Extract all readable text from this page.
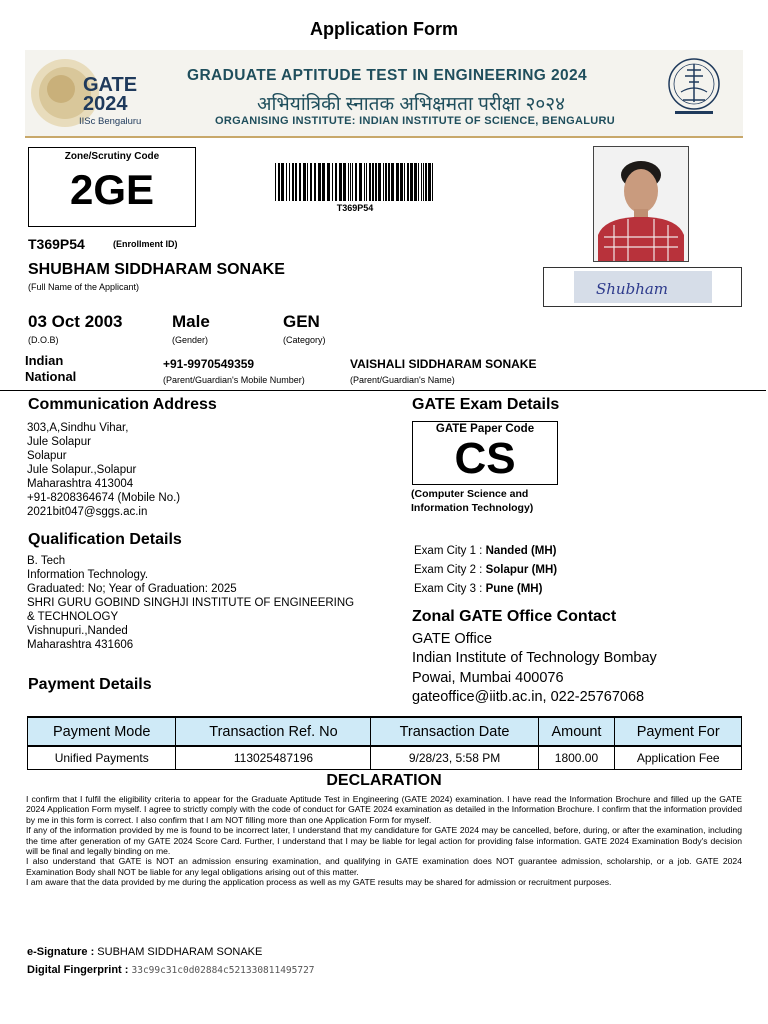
Application Form
GATE
2024
IISc Bengaluru
GRADUATE APTITUDE TEST IN ENGINEERING 2024
अभियांत्रिकी स्नातक अभिक्षमता परीक्षा २०२४
ORGANISING INSTITUTE: INDIAN INSTITUTE OF SCIENCE, BENGALURU
Zone/Scrutiny Code
2GE	T369P54
T369P54	(Enrollment ID)
SHUBHAM SIDDHARAM SONAKE
(Full Name of the Applicant)	Shubham
03 Oct 2003
(D.O.B)
Male
(Gender)
GEN
(Category)
Indian
National
+91-9970549359
(Parent/Guardian's Mobile Number)
VAISHALI SIDDHARAM SONAKE
(Parent/Guardian's Name)
Communication Address
303,A,Sindhu Vihar,
Jule Solapur
Solapur
Jule Solapur.,Solapur
Maharashtra 413004
+91-8208364674 (Mobile No.)
2021bit047@sggs.ac.in
GATE Exam Details
GATE Paper Code
CS
(Computer Science and
Information Technology)
Qualification Details
B. Tech
Information Technology.
Graduated: No; Year of Graduation: 2025
SHRI GURU GOBIND SINGHJI INSTITUTE OF ENGINEERING
& TECHNOLOGY
Vishnupuri.,Nanded
Maharashtra 431606
Exam City 1 : Nanded (MH)
Exam City 2 : Solapur (MH)
Exam City 3 : Pune (MH)
Zonal GATE Office Contact
GATE Office
Indian Institute of Technology Bombay
Powai, Mumbai 400076
gateoffice@iitb.ac.in, 022-25767068
Payment Details
Payment Mode	Transaction Ref. No	Transaction Date	Amount	Payment For
Unified Payments	113025487196	9/28/23, 5:58 PM	1800.00	Application Fee
DECLARATION

I confirm that I fulfil the eligibility criteria to appear for the Graduate Aptitude Test in Engineering (GATE 2024) examination. I have read the Information Brochure and filled up the GATE 2024 Application Form myself. I agree to strictly comply with the code of conduct for GATE 2024 examination as detailed in the Information Brochure. I confirm that the information provided by me in this form is correct. I also confirm that I am NOT filling more than one Application Form for myself.

If any of the information provided by me is found to be incorrect later, I understand that my candidature for GATE 2024 may be cancelled, before, during, or after the examination, including the time after generation of my GATE 2024 Score Card. Further, I understand that I may be liable for legal action for providing false information. GATE 2024 Examination Body's decision will be final and legally binding on me.

I also understand that GATE is NOT an admission ensuring examination, and qualifying in GATE examination does NOT guarantee admission, scholarship, or a job. GATE 2024 Examination Body shall NOT be liable for any legal obligations arising out of this matter.

I am aware that the data provided by me during the application process as well as my GATE results may be shared for admission or recruitment purposes.

e-Signature : SUBHAM SIDDHARAM SONAKE
Digital Fingerprint : 33c99c31c0d02884c521330811495727
